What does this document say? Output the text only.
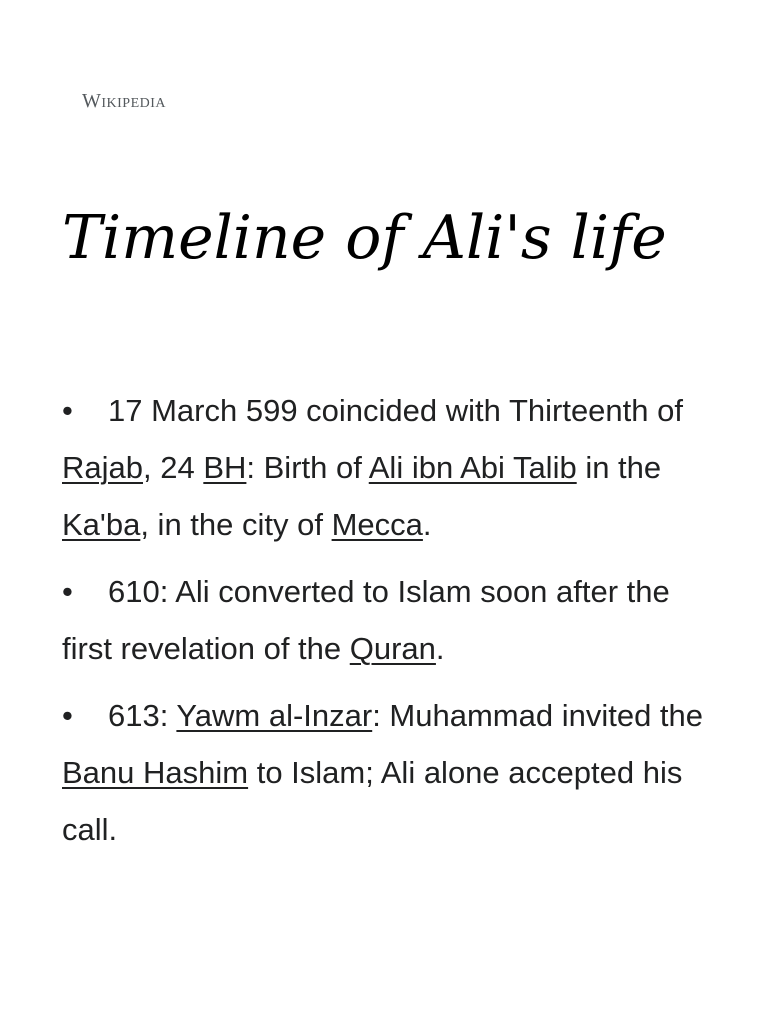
Wikipedia
Timeline of Ali's life
• 17 March 599 coincided with Thirteenth of Rajab, 24 BH: Birth of Ali ibn Abi Talib in the Ka'ba, in the city of Mecca.
• 610: Ali converted to Islam soon after the first revelation of the Quran.
• 613: Yawm al-Inzar: Muhammad invited the Banu Hashim to Islam; Ali alone accepted his call.
